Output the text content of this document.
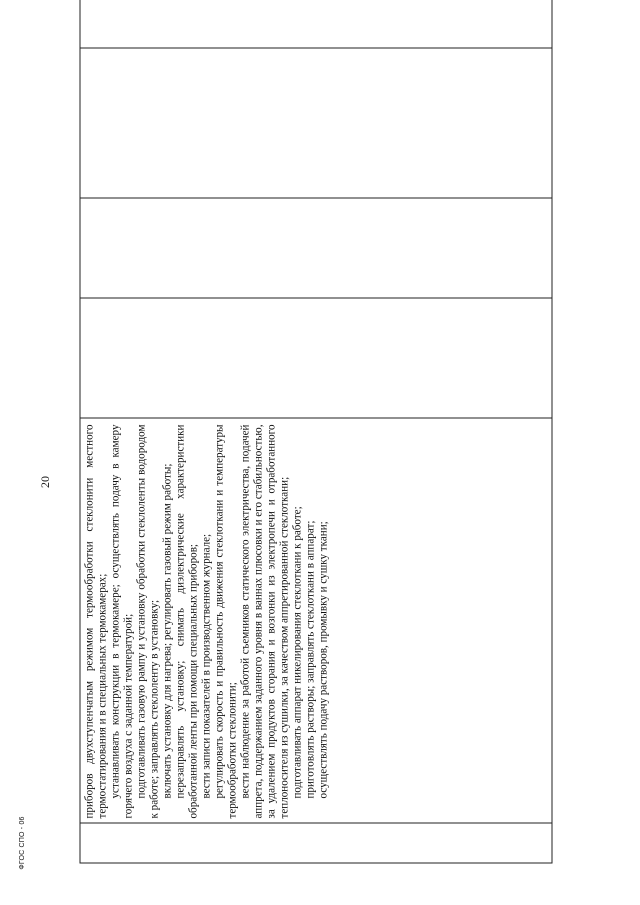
20
		приборов двухступенчатым режимом термообработки стеклонити местного термостатирования и в специальных термокамерах; устанавливать конструкции в термокамере; осуществлять подачу в камеру горячего воздуха с заданной температурой; подготавливать газовую рампу и установку обработки стеклоленты водородом к работе; заправлять стеклоленту в установку; включать установку для нагрева; регулировать газовый режим работы; перезаправлять установку; снимать диэлектрические характеристики обработанной ленты при помощи специальных приборов; вести записи показателей в производственном журнале; регулировать скорость и правильность движения стеклоткани и температуры термообработки стеклонити; вести наблюдение за работой съемников статического электричества, подачей аппрета, поддержанием заданного уровня в ваннах плюсовки и его стабильностью, за удалением продуктов сгорания и возгонки из электропечи и отработанного теплоносителя из сушилки, за качеством аппретированной стеклоткани; подготавливать аппарат никелирования стеклоткани к работе; приготовлять растворы; заправлять стеклоткани в аппарат; осуществлять подачу растворов, промывку и сушку ткани;

ФГОС СПО - 06
